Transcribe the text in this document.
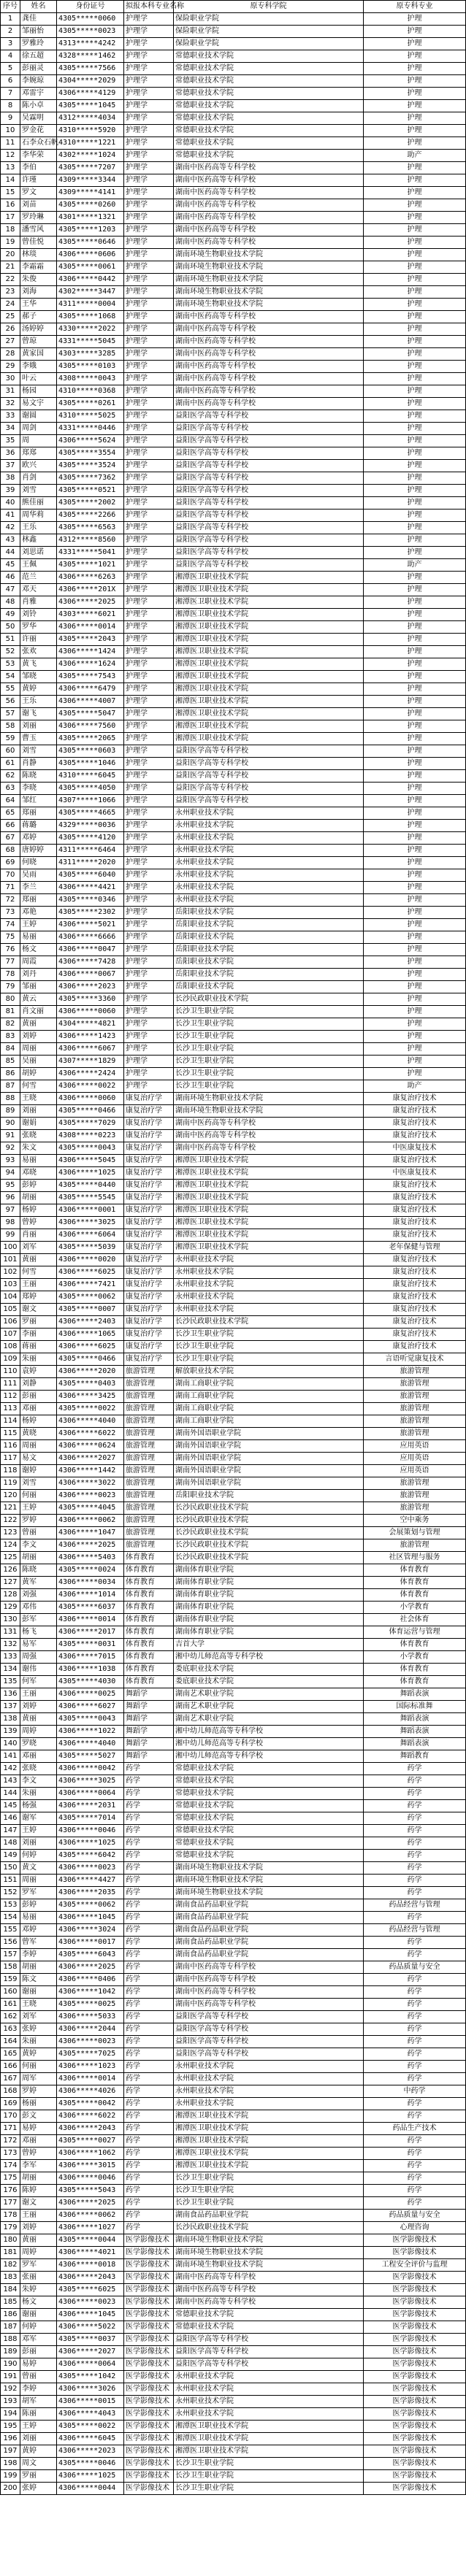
序号	姓名	身份证号	拟报本科专业名称	原专科学院	原专科专业
1	龚佳	4305*****0060	护理学	保险职业学院	护理
2	邹丽怡	4305*****0023	护理学	保险职业学院	护理
3	罗雅玲	4313*****4242	护理学	保险职业学院	护理
4	徐五超	4328*****1462	护理学	常德职业技术学院	护理
5	彭丽灵	4305*****7566	护理学	常德职业技术学院	护理
6	李婉琼	4304*****2029	护理学	常德职业技术学院	护理
7	邓雷宇	4306*****4129	护理学	常德职业技术学院	护理
8	陈小卓	4305*****1045	护理学	常德职业技术学院	护理
9	吴霖明	4312*****4034	护理学	常德职业技术学院	护理
10	罗金花	4310*****5920	护理学	常德职业技术学院	护理
11	石李众石帆	4310*****1221	护理学	常德职业技术学院	护理
12	李华荣	4302*****1024	护理学	常德职业技术学院	助产
13	李伯	4305*****7207	护理学	湖南中医药高等专科学校	护理
14	许瑾	4309*****3344	护理学	湖南中医药高等专科学校	护理
15	罗文	4309*****4141	护理学	湖南中医药高等专科学校	护理
16	刘苗	4305*****0260	护理学	湖南中医药高等专科学校	护理
17	罗玲琳	4301*****1321	护理学	湖南中医药高等专科学校	护理
18	潘雪风	4305*****1203	护理学	湖南中医药高等专科学校	护理
19	曾佳悦	4305*****0646	护理学	湖南中医药高等专科学校	护理
20	林琰	4306*****0606	护理学	湖南环境生物职业技术学院	护理
21	李霜霜	4305*****0061	护理学	湖南环境生物职业技术学院	护理
22	朱俊	4306*****0442	护理学	湖南环境生物职业技术学院	护理
23	刘海	4302*****3447	护理学	湖南环境生物职业技术学院	护理
24	王华	4311*****0004	护理学	湖南环境生物职业技术学院	护理
25	郝子	4305*****1068	护理学	湖南中医药高等专科学校	护理
26	汤婷婷	4330*****2022	护理学	湖南中医药高等专科学校	护理
27	曾琼	4331*****5045	护理学	湖南中医药高等专科学校	护理
28	黄家国	4303*****3285	护理学	湖南中医药高等专科学校	护理
29	李娥	4305*****0103	护理学	湖南中医药高等专科学校	护理
30	叶云	4308*****0043	护理学	湖南中医药高等专科学校	护理
31	杨园	4310*****0368	护理学	湖南中医药高等专科学校	护理
32	易文宇	4305*****0261	护理学	湖南中医药高等专科学校	护理
33	谢圆	4310*****5025	护理学	益阳医学高等专科学校	护理
34	周剑	4331*****0446	护理学	益阳医学高等专科学校	护理
35	周	4306*****5624	护理学	益阳医学高等专科学校	护理
36	郑郑	4305*****3554	护理学	益阳医学高等专科学校	护理
37	欧兴	4305*****3524	护理学	益阳医学高等专科学校	护理
38	肖剑	4305*****7362	护理学	益阳医学高等专科学校	护理
39	刘雪	4305*****0521	护理学	益阳医学高等专科学校	护理
40	熊佳丽	4305*****2002	护理学	益阳医学高等专科学校	护理
41	周华莉	4305*****2266	护理学	益阳医学高等专科学校	护理
42	王乐	4305*****6563	护理学	益阳医学高等专科学校	护理
43	林鑫	4312*****8560	护理学	益阳医学高等专科学校	护理
44	刘思诺	4331*****5041	护理学	益阳医学高等专科学校	护理
45	王佩	4305*****1021	护理学	益阳医学高等专科学校	助产
46	范兰	4306*****6263	护理学	湘潭医卫职业技术学院	护理
47	邓天	4306*****201X	护理学	湘潭医卫职业技术学院	护理
48	肖雅	4306*****2025	护理学	湘潭医卫职业技术学院	护理
49	刘铃	4303*****6021	护理学	湘潭医卫职业技术学院	护理
50	罗华	4306*****0014	护理学	湘潭医卫职业技术学院	护理
51	许丽	4305*****2043	护理学	湘潭医卫职业技术学院	护理
52	张欢	4306*****1424	护理学	湘潭医卫职业技术学院	护理
53	黄飞	4306*****1624	护理学	湘潭医卫职业技术学院	护理
54	邹晓	4305*****7543	护理学	湘潭医卫职业技术学院	护理
55	黄婷	4306*****6479	护理学	湘潭医卫职业技术学院	护理
56	王乐	4306*****4007	护理学	湘潭医卫职业技术学院	护理
57	谢飞	4305*****5047	护理学	湘潭医卫职业技术学院	护理
58	刘丽	4306*****7560	护理学	湘潭医卫职业技术学院	护理
59	曹玉	4305*****2065	护理学	湘潭医卫职业技术学院	护理
60	刘雪	4305*****0603	护理学	益阳医学高等专科学校	护理
61	肖静	4305*****1046	护理学	益阳医学高等专科学校	护理
62	陈晓	4310*****6045	护理学	益阳医学高等专科学校	护理
63	李晓	4305*****4050	护理学	益阳医学高等专科学校	护理
64	邹红	4307*****1066	护理学	益阳医学高等专科学校	护理
65	郑丽	4305*****4665	护理学	永州职业技术学院	护理
66	蒋璐	4329*****0036	护理学	永州职业技术学院	护理
67	邓婷	4305*****4120	护理学	永州职业技术学院	护理
68	唐婷婷	4311*****6464	护理学	永州职业技术学院	护理
69	何晓	4311*****2020	护理学	永州职业技术学院	护理
70	吴雨	4305*****6040	护理学	永州职业技术学院	护理
71	李兰	4306*****4421	护理学	永州职业技术学院	护理
72	郑丽	4305*****0346	护理学	永州职业技术学院	护理
73	邓艳	4305*****2302	护理学	岳阳职业技术学院	护理
74	王婷	4306*****5021	护理学	岳阳职业技术学院	护理
75	易丽	4306*****6666	护理学	岳阳职业技术学院	护理
76	杨文	4306*****0047	护理学	岳阳职业技术学院	护理
77	周霞	4306*****7428	护理学	岳阳职业技术学院	护理
78	刘丹	4306*****0067	护理学	岳阳职业技术学院	护理
79	邹丽	4306*****2023	护理学	岳阳职业技术学院	护理
80	黄云	4305*****3360	护理学	长沙民政职业技术学院	护理
81	肖文丽	4306*****0060	护理学	长沙卫生职业学院	护理
82	黄丽	4304*****4821	护理学	长沙卫生职业学院	护理
83	刘婷	4306*****1423	护理学	长沙卫生职业学院	护理
84	周丽	4306*****6067	护理学	长沙卫生职业学院	护理
85	吴丽	4307*****1829	护理学	长沙卫生职业学院	护理
86	胡婷	4306*****2424	护理学	长沙卫生职业学院	护理
87	何雪	4306*****0022	护理学	长沙卫生职业学院	助产
88	王晓	4306*****0060	康复治疗学	湖南环境生物职业技术学院	康复治疗技术
89	刘丽	4305*****0466	康复治疗学	湖南环境生物职业技术学院	康复治疗技术
90	谢娟	4305*****7029	康复治疗学	湖南中医药高等专科学校	康复治疗技术
91	张晓	4308*****0223	康复治疗学	湖南中医药高等专科学校	康复治疗技术
92	朱文	4305*****0043	康复治疗学	湖南中医药高等专科学校	中医康复技术
93	易丽	4306*****5045	康复治疗学	湘潭医卫职业技术学院	康复治疗技术
94	邓晓	4306*****1025	康复治疗学	湘潭医卫职业技术学院	中医康复技术
95	彭婷	4305*****0440	康复治疗学	湘潭医卫职业技术学院	康复治疗技术
96	胡丽	4305*****5545	康复治疗学	湘潭医卫职业技术学院	康复治疗技术
97	杨婷	4306*****0001	康复治疗学	湘潭医卫职业技术学院	康复治疗技术
98	曾婷	4306*****3025	康复治疗学	湘潭医卫职业技术学院	康复治疗技术
99	肖丽	4306*****6064	康复治疗学	湘潭医卫职业技术学院	康复治疗技术
100	刘军	4305*****5039	康复治疗学	湘潭医卫职业技术学院	老年保健与管理
101	黄丽	4306*****0020	康复治疗学	永州职业技术学院	康复治疗技术
102	何雪	4306*****6025	康复治疗学	永州职业技术学院	康复治疗技术
103	王丽	4306*****7421	康复治疗学	永州职业技术学院	康复治疗技术
104	郑婷	4305*****0062	康复治疗学	永州职业技术学院	康复治疗技术
105	谢文	4305*****0007	康复治疗学	永州职业技术学院	康复治疗技术
106	罗丽	4306*****2403	康复治疗学	长沙民政职业技术学院	康复治疗技术
107	李丽	4306*****1065	康复治疗学	长沙卫生职业学院	康复治疗技术
108	蒋丽	4306*****6025	康复治疗学	长沙卫生职业学院	康复治疗技术
109	朱丽	4305*****0466	康复治疗学	长沙卫生职业学院	言语听觉康复技术
110	袁婷	4306*****2020	旅游管理	解放职业技术学院	旅游管理
111	刘静	4305*****0403	旅游管理	湖南工商职业学院	旅游管理
112	彭丽	4306*****3425	旅游管理	湖南工商职业学院	旅游管理
113	邓丽	4305*****0022	旅游管理	湖南工商职业学院	旅游管理
114	杨婷	4306*****4040	旅游管理	湖南工商职业学院	旅游管理
115	黄晓	4306*****6022	旅游管理	湖南外国语职业学院	旅游管理
116	周丽	4306*****0624	旅游管理	湖南外国语职业学院	应用英语
117	易文	4306*****2027	旅游管理	湖南外国语职业学院	应用英语
118	谢婷	4306*****1442	旅游管理	湖南外国语职业学院	应用英语
119	刘雪	4306*****3022	旅游管理	湖南外国语职业学院	旅游管理
120	何丽	4306*****0023	旅游管理	岳阳职业技术学院	旅游管理
121	王婷	4305*****4045	旅游管理	长沙民政职业技术学院	旅游管理
122	罗婷	4306*****0062	旅游管理	长沙民政职业技术学院	空中乘务
123	曾丽	4306*****1047	旅游管理	长沙民政职业技术学院	会展策划与管理
124	李文	4306*****2025	旅游管理	长沙民政职业技术学院	旅游管理
125	胡丽	4306*****5403	体育教育	长沙民政职业技术学院	社区管理与服务
126	陈晓	4305*****0024	体育教育	湖南体育职业学院	体育教育
127	黄军	4306*****0034	体育教育	湖南体育职业学院	体育教育
128	刘强	4306*****1014	体育教育	湖南体育职业学院	体育教育
129	邓伟	4305*****6037	体育教育	湖南体育职业学院	小学教育
130	彭军	4306*****0014	体育教育	湖南体育职业学院	社会体育
131	杨飞	4306*****2017	体育教育	湖南体育职业学院	体育运营与管理
132	易军	4305*****0031	体育教育	吉首大学	体育教育
133	周强	4306*****7015	体育教育	湘中幼儿师范高等专科学校	小学教育
134	谢伟	4306*****1038	体育教育	娄底职业技术学院	体育教育
135	何军	4305*****4030	体育教育	娄底职业技术学院	体育教育
136	王丽	4306*****0025	舞蹈学	湖南艺术职业学院	舞蹈表演
137	刘婷	4306*****6027	舞蹈学	湖南艺术职业学院	国际标准舞
138	黄丽	4305*****0043	舞蹈学	湖南艺术职业学院	舞蹈表演
139	周婷	4306*****1022	舞蹈学	湘中幼儿师范高等专科学校	舞蹈表演
140	罗晓	4306*****4040	舞蹈学	湘中幼儿师范高等专科学校	舞蹈表演
141	邓丽	4305*****5027	舞蹈学	湘中幼儿师范高等专科学校	舞蹈教育
142	张晓	4306*****0042	药学	常德职业技术学院	药学
143	李文	4306*****3025	药学	常德职业技术学院	药学
144	朱丽	4306*****0064	药学	常德职业技术学院	药学
145	杨强	4306*****2031	药学	常德职业技术学院	药学
146	谢军	4305*****7014	药学	常德职业技术学院	药学
147	王婷	4306*****0046	药学	常德职业技术学院	药学
148	刘丽	4306*****1025	药学	常德职业技术学院	药学
149	何婷	4305*****6042	药学	常德职业技术学院	药学
150	黄文	4306*****0023	药学	湖南环境生物职业技术学院	药学
151	周丽	4306*****4427	药学	湖南环境生物职业技术学院	药学
152	罗军	4306*****2035	药学	湖南环境生物职业技术学院	药学
153	彭婷	4305*****0062	药学	湖南食品药品职业学院	药品经营与管理
154	易丽	4306*****1045	药学	湖南食品药品职业学院	药学
155	邓婷	4306*****3024	药学	湖南食品药品职业学院	药品经营与管理
156	曾军	4306*****0017	药学	湖南食品药品职业学院	药学
157	李婷	4305*****6043	药学	湖南食品药品职业学院	药学
158	胡丽	4306*****2025	药学	湖南中医药高等专科学校	药品质量与安全
159	陈文	4306*****0406	药学	湖南中医药高等专科学校	药学
160	谢丽	4306*****1042	药学	湖南中医药高等专科学校	药学
161	王晓	4305*****0025	药学	湖南中医药高等专科学校	药学
162	刘军	4306*****5033	药学	益阳医学高等专科学校	药学
163	张婷	4306*****2044	药学	益阳医学高等专科学校	药学
164	朱丽	4306*****0023	药学	益阳医学高等专科学校	药学
165	黄婷	4305*****7025	药学	益阳医学高等专科学校	药学
166	何丽	4306*****1023	药学	永州职业技术学院	药学
167	周军	4306*****0014	药学	永州职业技术学院	药学
168	罗婷	4306*****4026	药学	永州职业技术学院	中药学
169	杨丽	4305*****0042	药学	永州职业技术学院	药学
170	彭文	4306*****6022	药学	湘潭医卫职业技术学院	药学
171	易婷	4306*****2043	药学	湘潭医卫职业技术学院	药品生产技术
172	邓丽	4305*****0027	药学	湘潭医卫职业技术学院	药学
173	曾婷	4306*****1062	药学	湘潭医卫职业技术学院	药学
174	李军	4306*****3015	药学	湘潭医卫职业技术学院	药学
175	胡丽	4306*****0046	药学	长沙卫生职业学院	药学
176	陈婷	4305*****5043	药学	长沙卫生职业学院	药学
177	谢文	4306*****2025	药学	长沙卫生职业学院	药学
178	王丽	4306*****0062	药学	湖南食品药品职业学院	药品质量与安全
179	刘婷	4306*****1027	药学	长沙民政职业技术学院	心理咨询
180	黄丽	4305*****0044	医学影像技术	湖南环境生物职业技术学院	医学影像技术
181	周婷	4306*****4021	医学影像技术	湖南环境生物职业技术学院	医学影像技术
182	罗军	4306*****0018	医学影像技术	湖南环境生物职业技术学院	工程安全评价与监理
183	张丽	4306*****2043	医学影像技术	湖南中医药高等专科学校	医学影像技术
184	朱婷	4305*****6025	医学影像技术	湖南中医药高等专科学校	医学影像技术
185	杨文	4306*****0023	医学影像技术	湖南中医药高等专科学校	医学影像技术
186	谢丽	4306*****1045	医学影像技术	常德职业技术学院	医学影像技术
187	何婷	4306*****5022	医学影像技术	常德职业技术学院	医学影像技术
188	邓军	4305*****0037	医学影像技术	益阳医学高等专科学校	医学影像技术
189	彭丽	4306*****2027	医学影像技术	益阳医学高等专科学校	医学影像技术
190	易婷	4306*****0064	医学影像技术	益阳医学高等专科学校	医学影像技术
191	曾丽	4305*****1042	医学影像技术	永州职业技术学院	医学影像技术
192	李婷	4306*****3026	医学影像技术	永州职业技术学院	医学影像技术
193	胡军	4306*****0015	医学影像技术	永州职业技术学院	医学影像技术
194	陈丽	4306*****4043	医学影像技术	永州职业技术学院	医学影像技术
195	王婷	4305*****0022	医学影像技术	湘潭医卫职业技术学院	医学影像技术
196	刘丽	4306*****6045	医学影像技术	湘潭医卫职业技术学院	医学影像技术
197	黄婷	4306*****2023	医学影像技术	湘潭医卫职业技术学院	医学影像技术
198	周文	4305*****0046	医学影像技术	长沙卫生职业学院	医学影像技术
199	罗丽	4306*****1025	医学影像技术	长沙卫生职业学院	医学影像技术
200	张婷	4306*****0044	医学影像技术	长沙卫生职业学院	医学影像技术
